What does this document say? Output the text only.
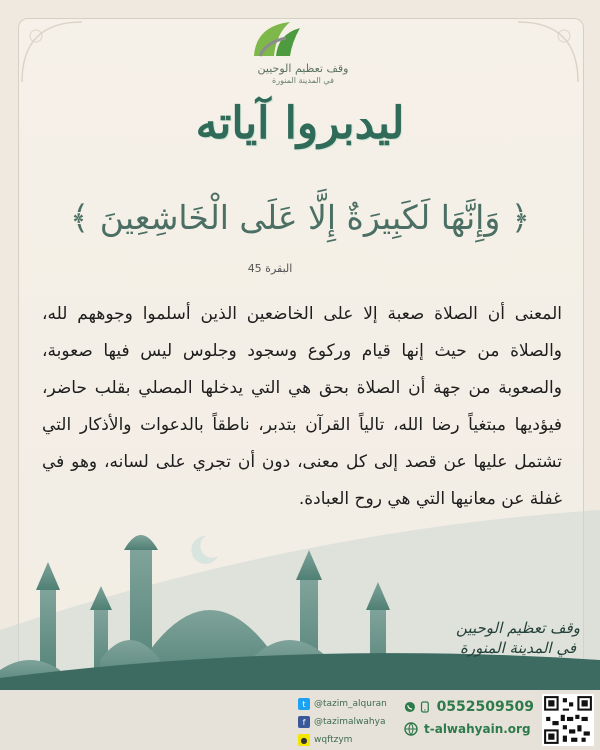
وقف تعظيم الوحيين
في المدينة المنورة
ليدبروا آياته
﴿ وَإِنَّهَا لَكَبِيرَةٌ إِلَّا عَلَى الْخَاشِعِينَ ﴾
البقرة 45
المعنى أن الصلاة صعبة إلا على الخاضعين الذين أسلموا وجوههم لله، والصلاة من حيث إنها قيام وركوع وسجود وجلوس ليس فيها صعوبة، والصعوبة من جهة أن الصلاة بحق هي التي يدخلها المصلي بقلب حاضر، فيؤديها مبتغياً رضا الله، تالياً القرآن بتدبر، ناطقاً بالدعوات والأذكار التي تشتمل عليها عن قصد إلى كل معنى، دون أن تجري على لسانه، وهو في غفلة عن معانيها التي هي روح العبادة.
وقف تعظيم الوحيين
في المدينة المنورة
t @tazim_alquran
f @tazimalwahya
● wqftzym
0552509509
t-alwahyain.org
